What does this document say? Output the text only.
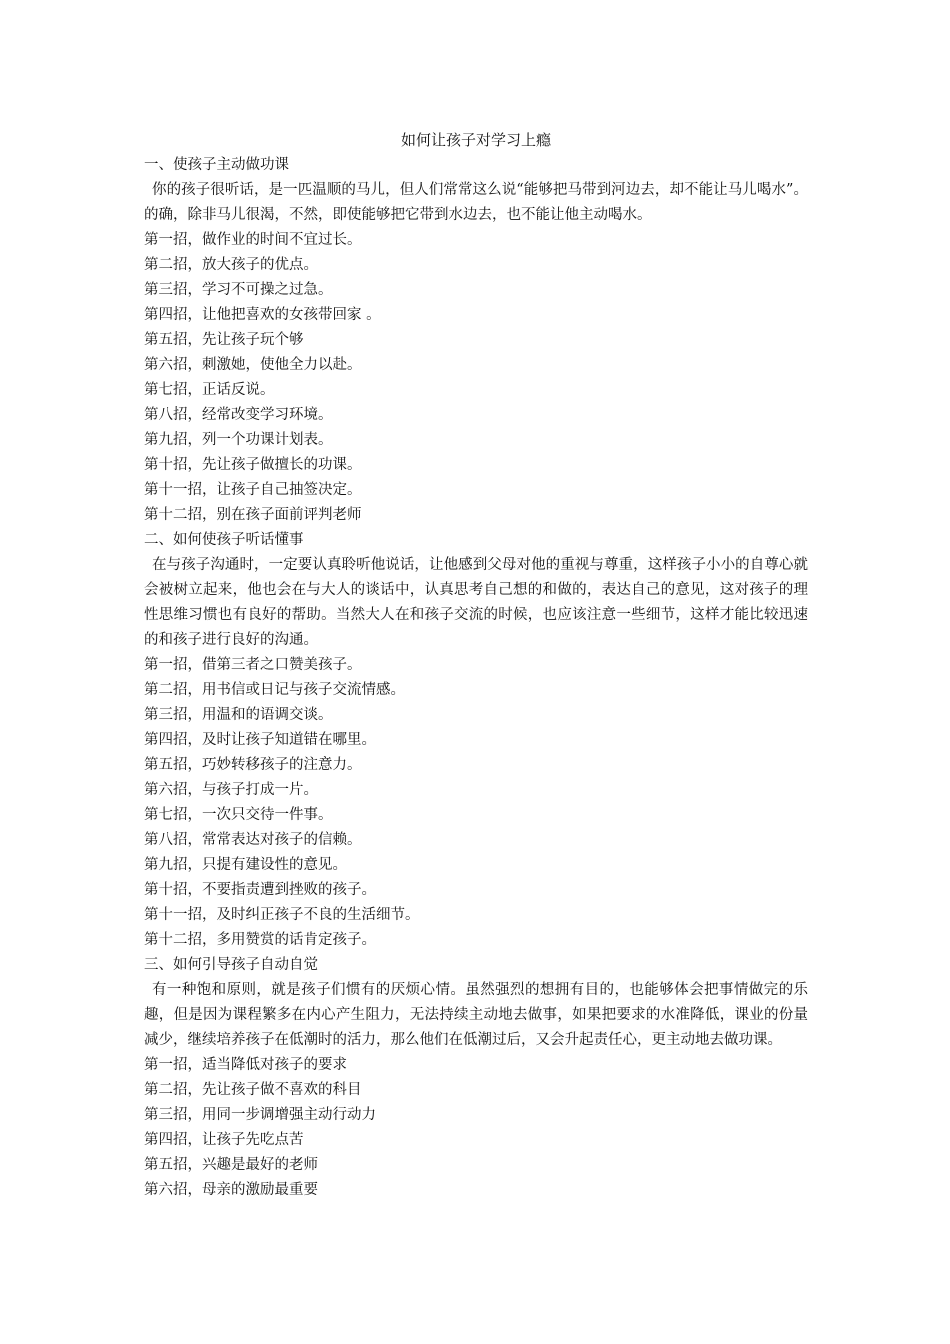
如何让孩子对学习上瘾

一、使孩子主动做功课

你的孩子很听话，是一匹温顺的马儿，但人们常常这么说“能够把马带到河边去，却不能让马儿喝水”。的确，除非马儿很渴，不然，即使能够把它带到水边去，也不能让他主动喝水。

第一招，做作业的时间不宜过长。

第二招，放大孩子的优点。

第三招，学习不可操之过急。

第四招，让他把喜欢的女孩带回家 。

第五招，先让孩子玩个够

第六招，刺激她，使他全力以赴。

第七招，正话反说。

第八招，经常改变学习环境。

第九招，列一个功课计划表。

第十招，先让孩子做擅长的功课。

第十一招，让孩子自己抽签决定。

第十二招，别在孩子面前评判老师

二、如何使孩子听话懂事

在与孩子沟通时，一定要认真聆听他说话，让他感到父母对他的重视与尊重，这样孩子小小的自尊心就会被树立起来，他也会在与大人的谈话中，认真思考自己想的和做的，表达自己的意见，这对孩子的理性思维习惯也有良好的帮助。当然大人在和孩子交流的时候，也应该注意一些细节，这样才能比较迅速的和孩子进行良好的沟通。

第一招，借第三者之口赞美孩子。

第二招，用书信或日记与孩子交流情感。

第三招，用温和的语调交谈。

第四招，及时让孩子知道错在哪里。

第五招，巧妙转移孩子的注意力。

第六招，与孩子打成一片。

第七招，一次只交待一件事。

第八招，常常表达对孩子的信赖。

第九招，只提有建设性的意见。

第十招，不要指责遭到挫败的孩子。

第十一招，及时纠正孩子不良的生活细节。

第十二招，多用赞赏的话肯定孩子。

三、如何引导孩子自动自觉

有一种饱和原则，就是孩子们惯有的厌烦心情。虽然强烈的想拥有目的，也能够体会把事情做完的乐趣，但是因为课程繁多在内心产生阻力，无法持续主动地去做事，如果把要求的水准降低，课业的份量减少，继续培养孩子在低潮时的活力，那么他们在低潮过后，又会升起责任心，更主动地去做功课。

第一招，适当降低对孩子的要求

第二招，先让孩子做不喜欢的科目

第三招，用同一步调增强主动行动力

第四招，让孩子先吃点苦

第五招，兴趣是最好的老师

第六招，母亲的激励最重要
